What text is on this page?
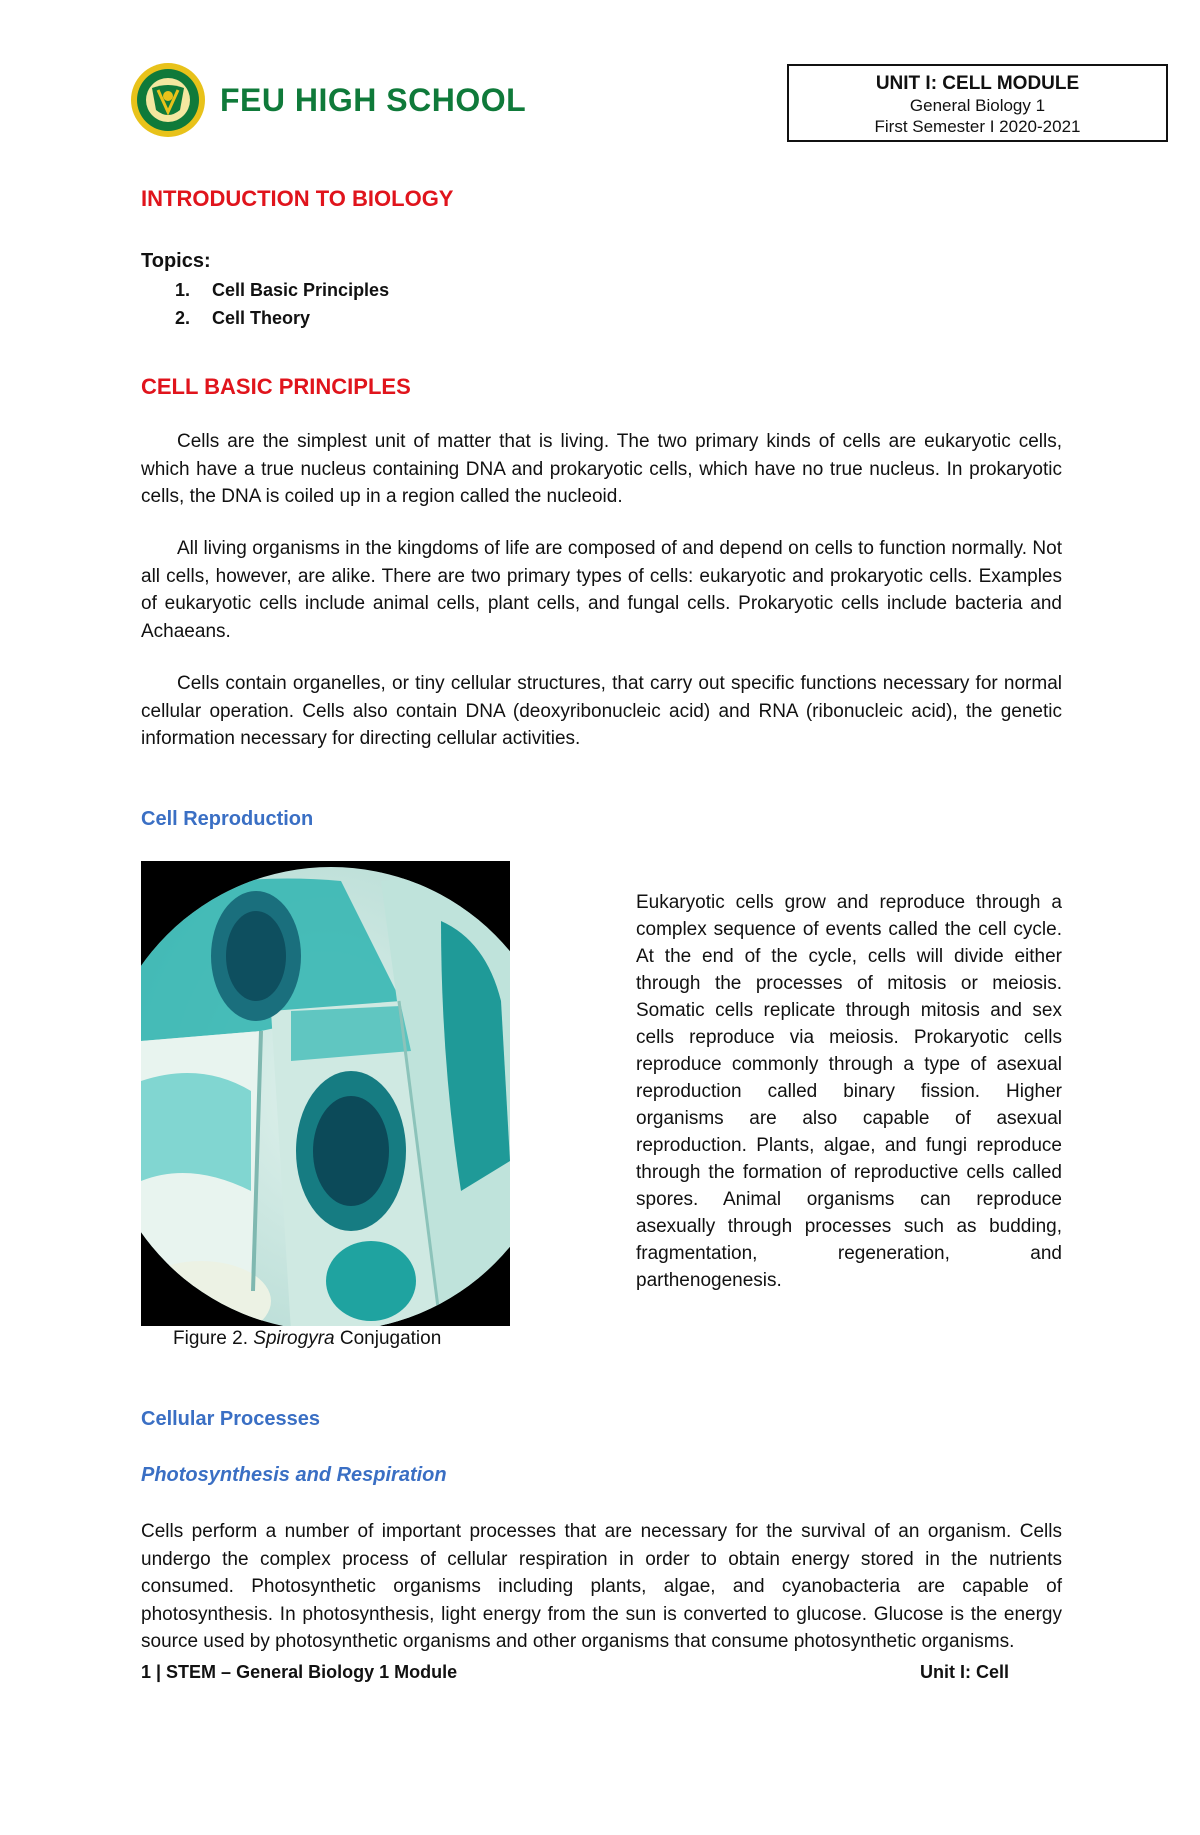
FEU HIGH SCHOOL	UNIT I: CELL MODULE
General Biology 1
First Semester I 2020-2021
INTRODUCTION TO BIOLOGY
Topics:
1. Cell Basic Principles
2. Cell Theory
CELL BASIC PRINCIPLES

Cells are the simplest unit of matter that is living. The two primary kinds of cells are eukaryotic cells, which have a true nucleus containing DNA and prokaryotic cells, which have no true nucleus. In prokaryotic cells, the DNA is coiled up in a region called the nucleoid.

All living organisms in the kingdoms of life are composed of and depend on cells to function normally. Not all cells, however, are alike. There are two primary types of cells: eukaryotic and prokaryotic cells. Examples of eukaryotic cells include animal cells, plant cells, and fungal cells. Prokaryotic cells include bacteria and Achaeans.

Cells contain organelles, or tiny cellular structures, that carry out specific functions necessary for normal cellular operation. Cells also contain DNA (deoxyribonucleic acid) and RNA (ribonucleic acid), the genetic information necessary for directing cellular activities.

Cell Reproduction
Figure 2. Spirogyra Conjugation

Eukaryotic cells grow and reproduce through a complex sequence of events called the cell cycle. At the end of the cycle, cells will divide either through the processes of mitosis or meiosis. Somatic cells replicate through mitosis and sex cells reproduce via meiosis. Prokaryotic cells reproduce commonly through a type of asexual reproduction called binary fission. Higher organisms are also capable of asexual reproduction. Plants, algae, and fungi reproduce through the formation of reproductive cells called spores. Animal organisms can reproduce asexually through processes such as budding, fragmentation, regeneration, and parthenogenesis.

Cellular Processes
Photosynthesis and Respiration

Cells perform a number of important processes that are necessary for the survival of an organism. Cells undergo the complex process of cellular respiration in order to obtain energy stored in the nutrients consumed. Photosynthetic organisms including plants, algae, and cyanobacteria are capable of photosynthesis. In photosynthesis, light energy from the sun is converted to glucose. Glucose is the energy source used by photosynthetic organisms and other organisms that consume photosynthetic organisms.

1 | STEM – General Biology 1 Module	Unit I: Cell
